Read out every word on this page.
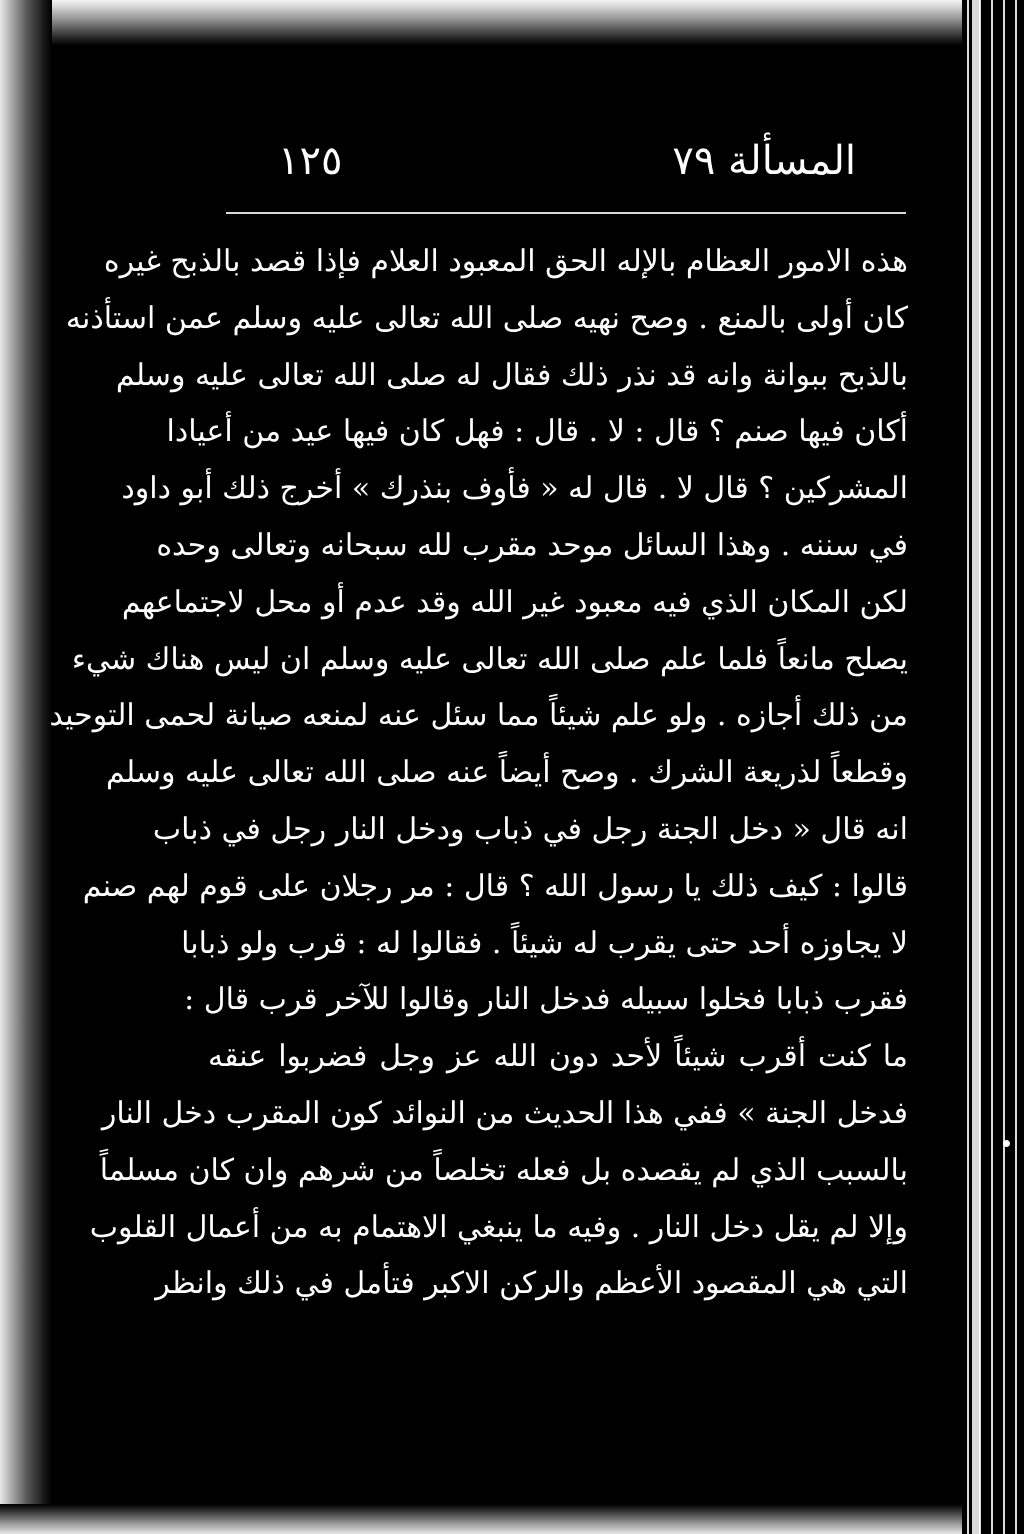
١٢٥	المسألة ٧٩
هذه الامور العظام بالإله الحق المعبود العلام فإذا قصد بالذبح غيره
كان أولى بالمنع . وصح نهيه صلى الله تعالى عليه وسلم عمن استأذنه
بالذبح ببوانة وانه قد نذر ذلك فقال له صلى الله تعالى عليه وسلم
أكان فيها صنم ؟ قال : لا . قال : فهل كان فيها عيد من أعيادا
المشركين ؟ قال لا . قال له « فأوف بنذرك » أخرج ذلك أبو داود
في سننه . وهذا السائل موحد مقرب لله سبحانه وتعالى وحده
لكن المكان الذي فيه معبود غير الله وقد عدم أو محل لاجتماعهم
يصلح مانعاً فلما علم صلى الله تعالى عليه وسلم ان ليس هناك شيء
من ذلك أجازه . ولو علم شيئاً مما سئل عنه لمنعه صيانة لحمى التوحيد
وقطعاً لذريعة الشرك . وصح أيضاً عنه صلى الله تعالى عليه وسلم
انه قال « دخل الجنة رجل في ذباب ودخل النار رجل في ذباب
قالوا : كيف ذلك يا رسول الله ؟ قال : مر رجلان على قوم لهم صنم
لا يجاوزه أحد حتى يقرب له شيئاً . فقالوا له : قرب ولو ذبابا
فقرب ذبابا فخلوا سبيله فدخل النار وقالوا للآخر قرب قال :
ما كنت أقرب شيئاً لأحد دون الله عز وجل فضربوا عنقه
فدخل الجنة » ففي هذا الحديث من النوائد كون المقرب دخل النار
بالسبب الذي لم يقصده بل فعله تخلصاً من شرهم وان كان مسلماً
وإلا لم يقل دخل النار . وفيه ما ينبغي الاهتمام به من أعمال القلوب
التي هي المقصود الأعظم والركن الاكبر فتأمل في ذلك وانظر
